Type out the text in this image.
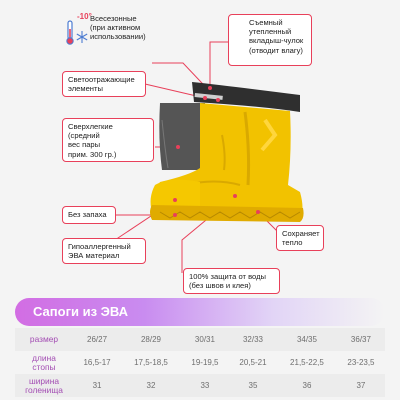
-10°
Всесезонные
(при активном
использовании)
Съемный
утепленный
вкладыш-чулок
(отводит влагу)
Светоотражающие
элементы
Сверхлегкие
(средний
вес пары
прим. 300 гр.)
Без запаха
Сохраняет
тепло
Гипоаллергенный
ЭВА материал
100% защита от воды
(без швов и клея)
Сапоги из ЭВА
размер	26/27	28/29	30/31	32/33	34/35	36/37
длина
стопы	16,5-17	17,5-18,5	19-19,5	20,5-21	21,5-22,5	23-23,5
ширина
голенища	31	32	33	35	36	37
